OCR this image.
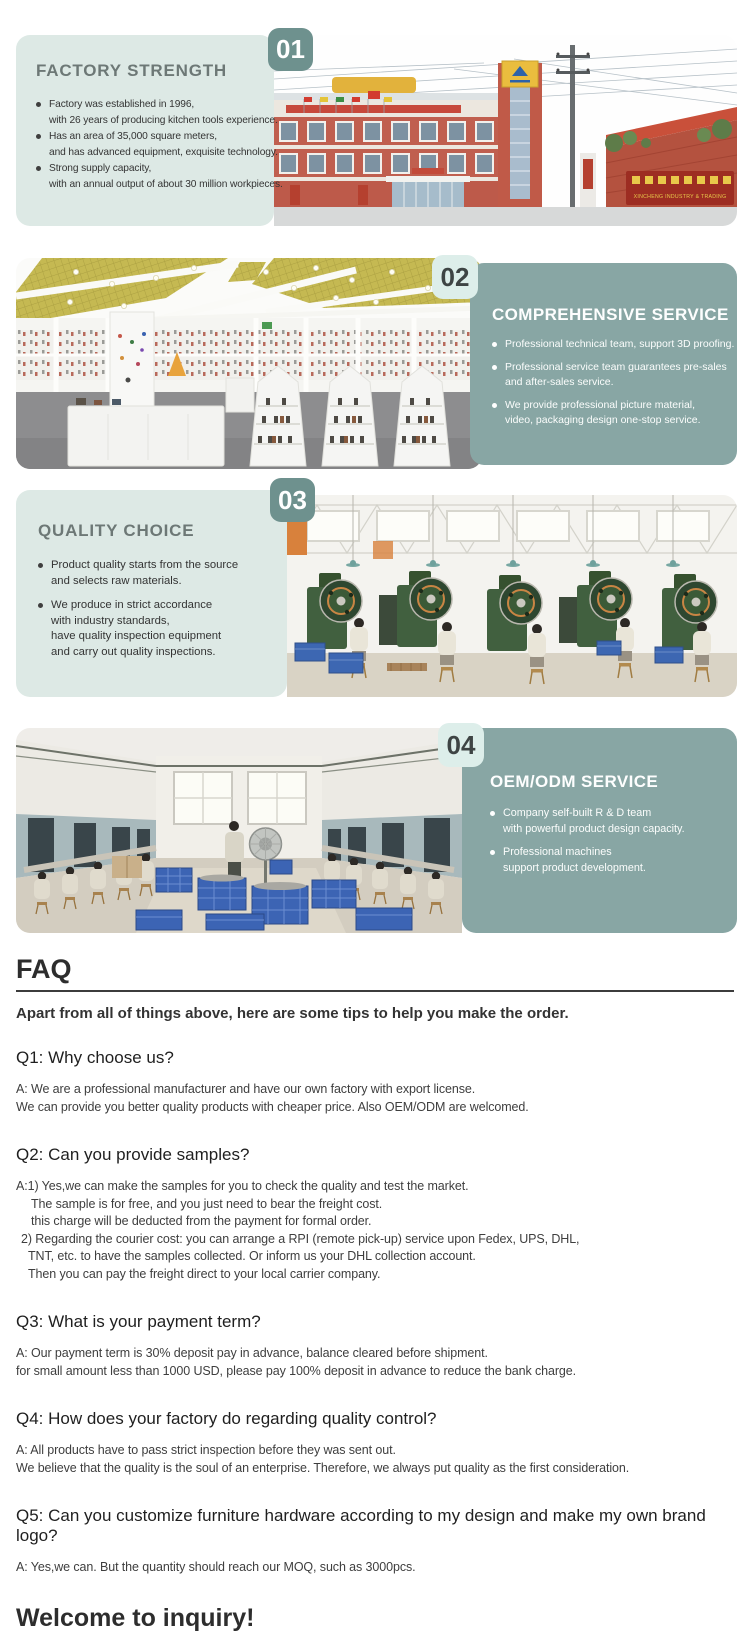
XINCHENG INDUSTRY & TRADING
FACTORY STRENGTH
Factory was established in 1996,
with 26 years of producing kitchen tools experience.
Has an area of 35,000 square meters,
and has advanced equipment, exquisite technology.
Strong supply capacity,
with an annual output of about 30 million workpieces.
01
COMPREHENSIVE SERVICE
Professional technical team, support 3D proofing.
Professional service team guarantees pre-sales
and after-sales service.
We provide professional picture material,
video, packaging design one-stop service.
02
QUALITY CHOICE
Product quality starts from the source
and selects raw materials.
We produce in strict accordance
with industry standards,
have quality inspection equipment
and carry out quality inspections.
03
OEM/ODM SERVICE
Company self-built R & D team
with powerful product design capacity.
Professional machines
support product development.
04
FAQ

Apart from all of things above, here are some tips to help you make the order.

Q1: Why choose us?

A: We are a professional manufacturer and have our own factory with export license.

We can provide you better quality products with cheaper price. Also OEM/ODM are welcomed.

Q2: Can you provide samples?

A:1) Yes,we can make the samples for you to check the quality and test the market.

The sample is for free, and you just need to bear the freight cost.

this charge will be deducted from the payment for formal order.

2) Regarding the courier cost: you can arrange a RPI (remote pick-up) service upon Fedex, UPS, DHL,

TNT, etc. to have the samples collected. Or inform us your DHL collection account.

Then you can pay the freight direct to your local carrier company.

Q3: What is your payment term?

A: Our payment term is 30% deposit pay in advance, balance cleared before shipment.

for small amount less than 1000 USD, please pay 100% deposit in advance to reduce the bank charge.

Q4: How does your factory do regarding quality control?

A: All products have to pass strict inspection before they was sent out.

We believe that the quality is the soul of an enterprise. Therefore, we always put quality as the first consideration.

Q5: Can you customize furniture hardware according to my design and make my own brand logo?

A: Yes,we can. But the quantity should reach our MOQ, such as 3000pcs.

Welcome to inquiry!
